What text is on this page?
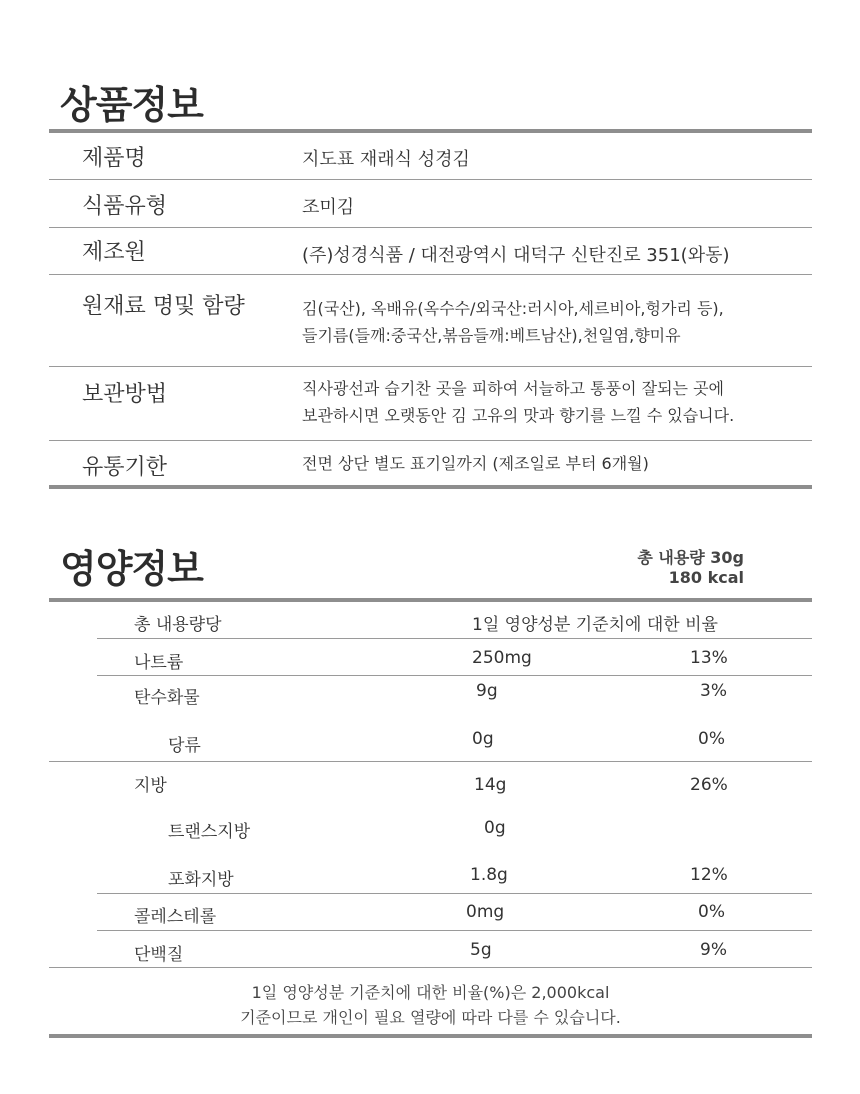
상품정보
제품명	지도표 재래식 성경김
식품유형	조미김
제조원	(주)성경식품 / 대전광역시 대덕구 신탄진로 351(와동)
원재료 명및 함량	김(국산), 옥배유(옥수수/외국산:러시아,세르비아,헝가리 등),
들기름(들깨:중국산,볶음들깨:베트남산),천일염,향미유
보관방법	직사광선과 습기찬 곳을 피하여 서늘하고 통풍이 잘되는 곳에
보관하시면 오랫동안 김 고유의 맛과 향기를 느낄 수 있습니다.
유통기한	전면 상단 별도 표기일까지 (제조일로 부터 6개월)
영양정보	총 내용량 30g
180 kcal
총 내용량당	1일 영양성분 기준치에 대한 비율
나트륨	250mg	13%
탄수화물	9g	3%
당류	0g	0%
지방	14g	26%
트랜스지방	0g
포화지방	1.8g	12%
콜레스테롤	0mg	0%
단백질	5g	9%
1일 영양성분 기준치에 대한 비율(%)은 2,000kcal
기준이므로 개인이 필요 열량에 따라 다를 수 있습니다.
